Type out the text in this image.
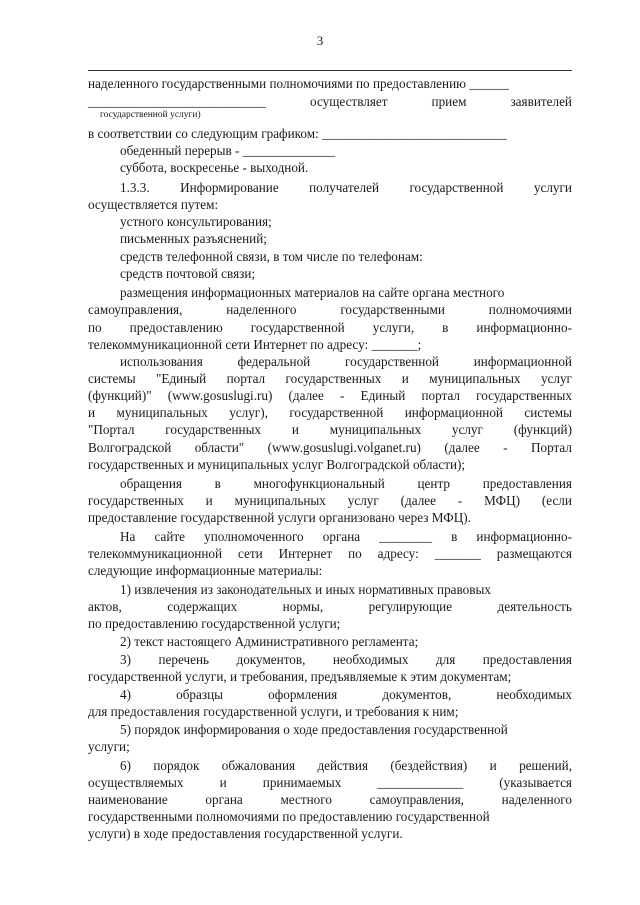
3
наделенного государственными полномочиями по предоставлению ______
___________________________	осуществляет	прием	заявителей
государственной услуги)
в соответствии со следующим графиком: ____________________________
обеденный перерыв - ______________
суббота, воскресенье - выходной.
1.3.3. Информирование получателей государственной услуги
осуществляется путем:
устного консультирования;
письменных разъяснений;
средств телефонной связи, в том числе по телефонам:
средств почтовой связи;
размещения информационных материалов на сайте органа местного
самоуправления,	наделенного	государственными	полномочиями
по предоставлению государственной услуги, в информационно-
телекоммуникационной сети Интернет по адресу: _______;
использования	федеральной	государственной	информационной
системы "Единый портал государственных и муниципальных услуг
(функций)" (www.gosuslugi.ru) (далее - Единый портал государственных
и муниципальных услуг), государственной информационной системы
"Портал государственных и муниципальных услуг (функций)
Волгоградской области" (www.gosuslugi.volganet.ru) (далее - Портал
государственных и муниципальных услуг Волгоградской области);
обращения в многофункциональный центр предоставления
государственных и муниципальных услуг (далее - МФЦ) (если
предоставление государственной услуги организовано через МФЦ).
На сайте уполномоченного органа ________ в информационно-
телекоммуникационной сети Интернет по адресу: _______ размещаются
следующие информационные материалы:
1) извлечения из законодательных и иных нормативных правовых
актов,	содержащих	нормы,	регулирующие	деятельность
по предоставлению государственной услуги;
2) текст настоящего Административного регламента;
3) перечень документов, необходимых для предоставления
государственной услуги, и требования, предъявляемые к этим документам;
4)	образцы	оформления	документов,	необходимых
для предоставления государственной услуги, и требования к ним;
5) порядок информирования о ходе предоставления государственной
услуги;
6) порядок обжалования действия (бездействия) и решений,
осуществляемых	и	принимаемых	_____________	(указывается
наименование	органа	местного	самоуправления,	наделенного
государственными полномочиями по предоставлению государственной
услуги) в ходе предоставления государственной услуги.
